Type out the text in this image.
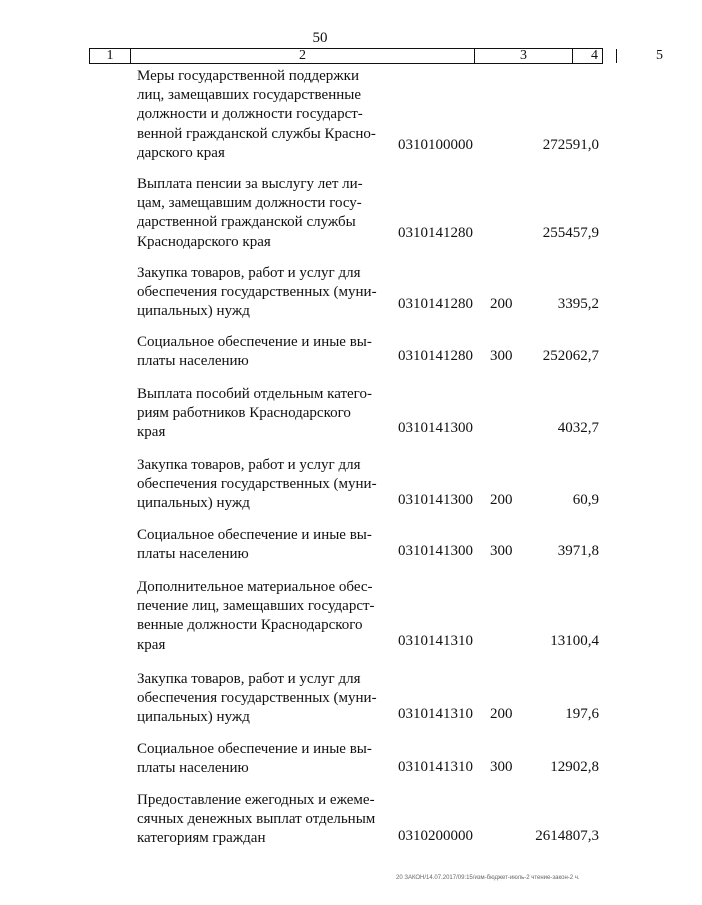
50
1	2	3	4	5
Меры государственной поддержки
лиц, замещавших государственные
должности и должности государст-
венной гражданской службы Красно-
дарского края	0310100000	272591,0
Выплата пенсии за выслугу лет ли-
цам, замещавшим должности госу-
дарственной гражданской службы
Краснодарского края
0310141280	255457,9
Закупка товаров, работ и услуг для
обеспечения государственных (муни-
ципальных) нужд	0310141280 200	3395,2
Социальное обеспечение и иные вы-
платы населению	0310141280 300 252062,7
Выплата пособий отдельным катего-
риям работников Краснодарского
края	0310141300	4032,7
Закупка товаров, работ и услуг для
обеспечения государственных (муни-
ципальных) нужд	0310141300 200	60,9
Социальное обеспечение и иные вы-
платы населению	0310141300 300	3971,8
Дополнительное материальное обес-
печение лиц, замещавших государст-
венные должности Краснодарского
края	0310141310	13100,4
Закупка товаров, работ и услуг для
обеспечения государственных (муни-
ципальных) нужд	0310141310 200	197,6
Социальное обеспечение и иные вы-
платы населению	0310141310 300	12902,8
Предоставление ежегодных и ежеме-
сячных денежных выплат отдельным
категориям граждан	0310200000	2614807,3
20 ЗАКОН/14.07.2017/09:15/изм-бюджет-июль-2 чтение-закон-2 ч.
